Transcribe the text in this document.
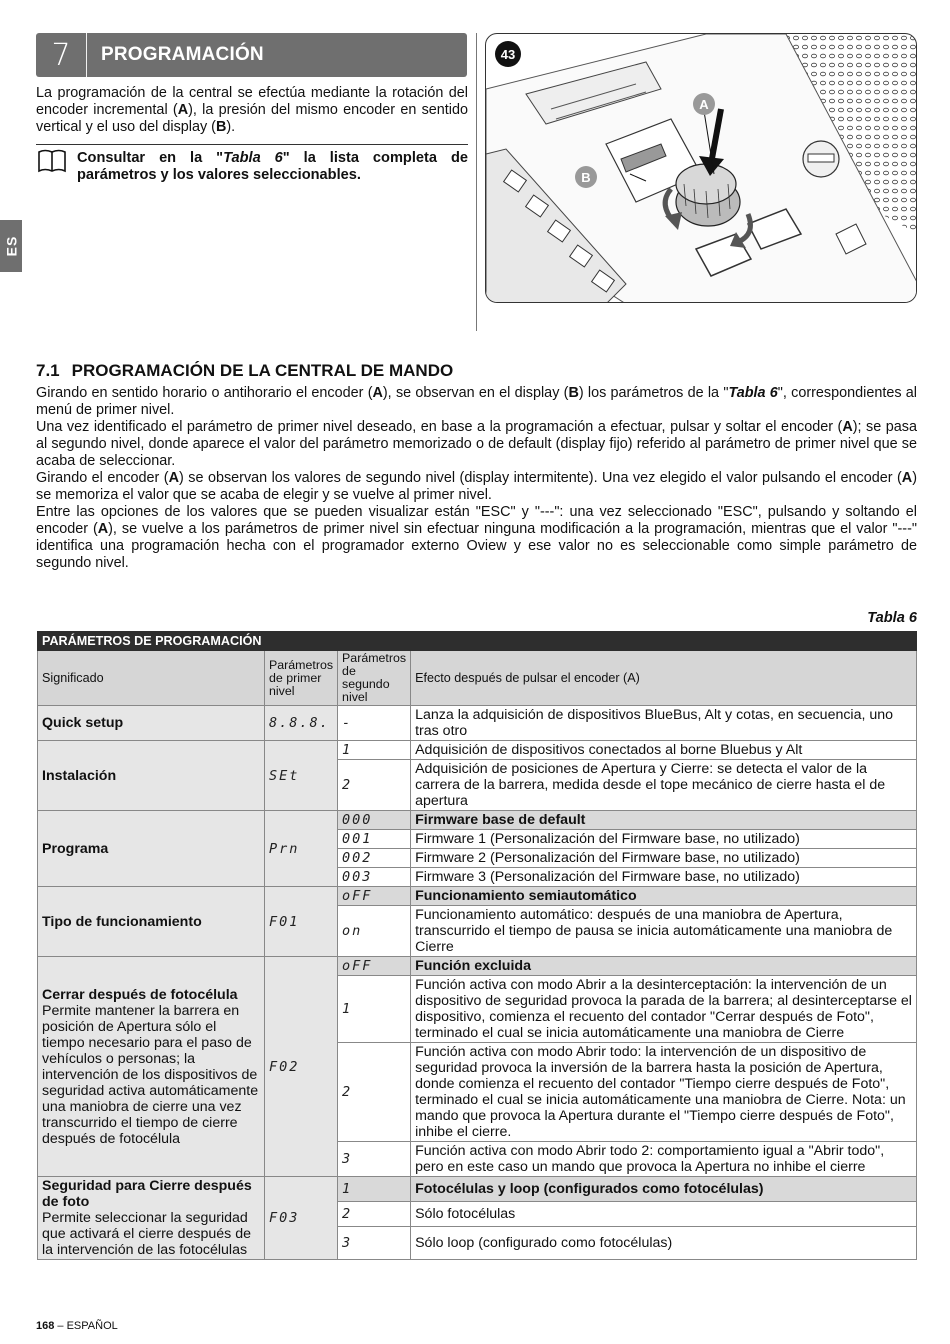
7	PROGRAMACIÓN
ES

La programación de la central se efectúa mediante la rotación del encoder incremental (A), la presión del mismo encoder en sentido vertical y el uso del display (B).

Consultar en la "Tabla 6" la lista completa de parámetros y los valores seleccionables.

43
A
B
7.1 PROGRAMACIÓN DE LA CENTRAL DE MANDO

Girando en sentido horario o antihorario el encoder (A), se observan en el display (B) los parámetros de la "Tabla 6", correspondientes al menú de primer nivel.

Una vez identificado el parámetro de primer nivel deseado, en base a la programación a efectuar, pulsar y soltar el encoder (A); se pasa al segundo nivel, donde aparece el valor del parámetro memorizado o de default (display fijo) referido al parámetro de primer nivel que se acaba de seleccionar.

Girando el encoder (A) se observan los valores de segundo nivel (display intermitente). Una vez elegido el valor pulsando el encoder (A) se memoriza el valor que se acaba de elegir y se vuelve al primer nivel.

Entre las opciones de los valores que se pueden visualizar están "ESC" y "---": una vez seleccionado "ESC", pulsando y soltando el encoder (A), se vuelve a los parámetros de primer nivel sin efectuar ninguna modificación a la programación, mientras que el valor "---" identifica una programación hecha con el programador externo Oview y ese valor no es seleccionable como simple parámetro de segundo nivel.

Tabla 6
PARÁMETROS DE PROGRAMACIÓN			
Significado	Parámetros de primer nivel	Parámetros de segundo nivel	Efecto después de pulsar el encoder (A)
Quick setup	8.8.8.	-	Lanza la adquisición de dispositivos BlueBus, Alt y cotas, en secuencia, uno tras otro
Instalación	SEt	1	Adquisición de dispositivos conectados al borne Bluebus y Alt
		2	Adquisición de posiciones de Apertura y Cierre: se detecta el valor de la carrera de la barrera, medida desde el tope mecánico de cierre hasta el de apertura
Programa	Prn	000	Firmware base de default
		001	Firmware 1 (Personalización del Firmware base, no utilizado)
		002	Firmware 2 (Personalización del Firmware base, no utilizado)
		003	Firmware 3 (Personalización del Firmware base, no utilizado)
Tipo de funcionamiento	F01	oFF	Funcionamiento semiautomático
		on	Funcionamiento automático: después de una maniobra de Apertura, transcurrido el tiempo de pausa se inicia automáticamente una maniobra de Cierre
Cerrar después de fotocélula
Permite mantener la barrera en posición de Apertura sólo el tiempo necesario para el paso de vehículos o personas; la intervención de los dispositivos de seguridad activa automáticamente una maniobra de cierre una vez transcurrido el tiempo de cierre después de fotocélula	F02	oFF	Función excluida
		1	Función activa con modo Abrir a la desinterceptación: la intervención de un dispositivo de seguridad provoca la parada de la barrera; al desinterceptarse el dispositivo, comienza el recuento del contador "Cerrar después de Foto", terminado el cual se inicia automáticamente una maniobra de Cierre
		2	Función activa con modo Abrir todo: la intervención de un dispositivo de seguridad provoca la inversión de la barrera hasta la posición de Apertura, donde comienza el recuento del contador "Tiempo cierre después de Foto", terminado el cual se inicia automáticamente una maniobra de Cierre. Nota: un mando que provoca la Apertura durante el "Tiempo cierre después de Foto", inhibe el cierre.
		3	Función activa con modo Abrir todo 2: comportamiento igual a "Abrir todo", pero en este caso un mando que provoca la Apertura no inhibe el cierre
Seguridad para Cierre después de foto
Permite seleccionar la seguridad que activará el cierre después de la intervención de las fotocélulas	F03	1	Fotocélulas y loop (configurados como fotocélulas)
		2	Sólo fotocélulas
		3	Sólo loop (configurado como fotocélulas)
168 – ESPAÑOL
